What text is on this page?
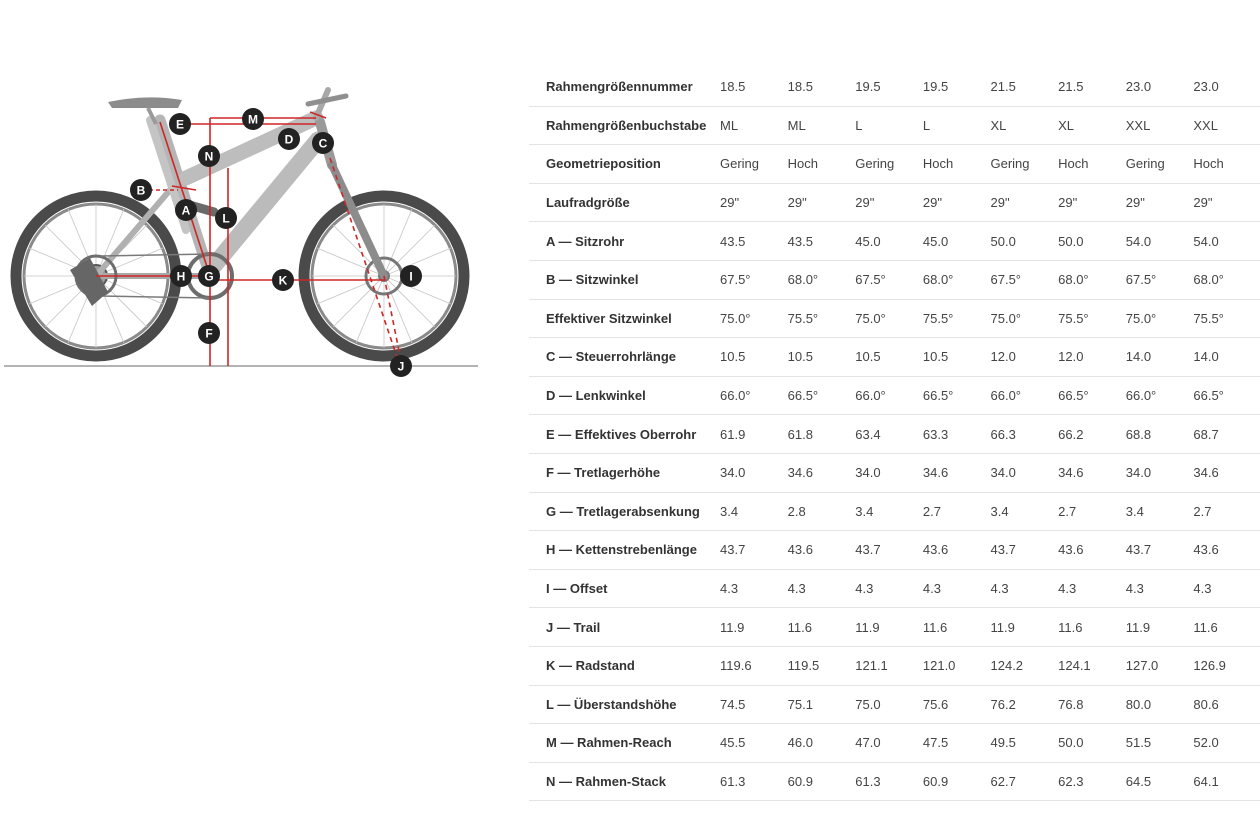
A
B
C
D
E
F
G
H	I
J
K
L
M
N
Rahmengrößennummer	18.5	18.5	19.5	19.5	21.5	21.5	23.0	23.0
Rahmengrößenbuchstabe	ML	ML	L	L	XL	XL	XXL	XXL
Geometrieposition	Gering	Hoch	Gering	Hoch	Gering	Hoch	Gering	Hoch
Laufradgröße	29"	29"	29"	29"	29"	29"	29"	29"
A — Sitzrohr	43.5	43.5	45.0	45.0	50.0	50.0	54.0	54.0
B — Sitzwinkel	67.5°	68.0°	67.5°	68.0°	67.5°	68.0°	67.5°	68.0°
Effektiver Sitzwinkel	75.0°	75.5°	75.0°	75.5°	75.0°	75.5°	75.0°	75.5°
C — Steuerrohrlänge	10.5	10.5	10.5	10.5	12.0	12.0	14.0	14.0
D — Lenkwinkel	66.0°	66.5°	66.0°	66.5°	66.0°	66.5°	66.0°	66.5°
E — Effektives Oberrohr	61.9	61.8	63.4	63.3	66.3	66.2	68.8	68.7
F — Tretlagerhöhe	34.0	34.6	34.0	34.6	34.0	34.6	34.0	34.6
G — Tretlagerabsenkung	3.4	2.8	3.4	2.7	3.4	2.7	3.4	2.7
H — Kettenstrebenlänge	43.7	43.6	43.7	43.6	43.7	43.6	43.7	43.6
I — Offset	4.3	4.3	4.3	4.3	4.3	4.3	4.3	4.3
J — Trail	11.9	11.6	11.9	11.6	11.9	11.6	11.9	11.6
K — Radstand	119.6	119.5	121.1	121.0	124.2	124.1	127.0	126.9
L — Überstandshöhe	74.5	75.1	75.0	75.6	76.2	76.8	80.0	80.6
M — Rahmen-Reach	45.5	46.0	47.0	47.5	49.5	50.0	51.5	52.0
N — Rahmen-Stack	61.3	60.9	61.3	60.9	62.7	62.3	64.5	64.1
